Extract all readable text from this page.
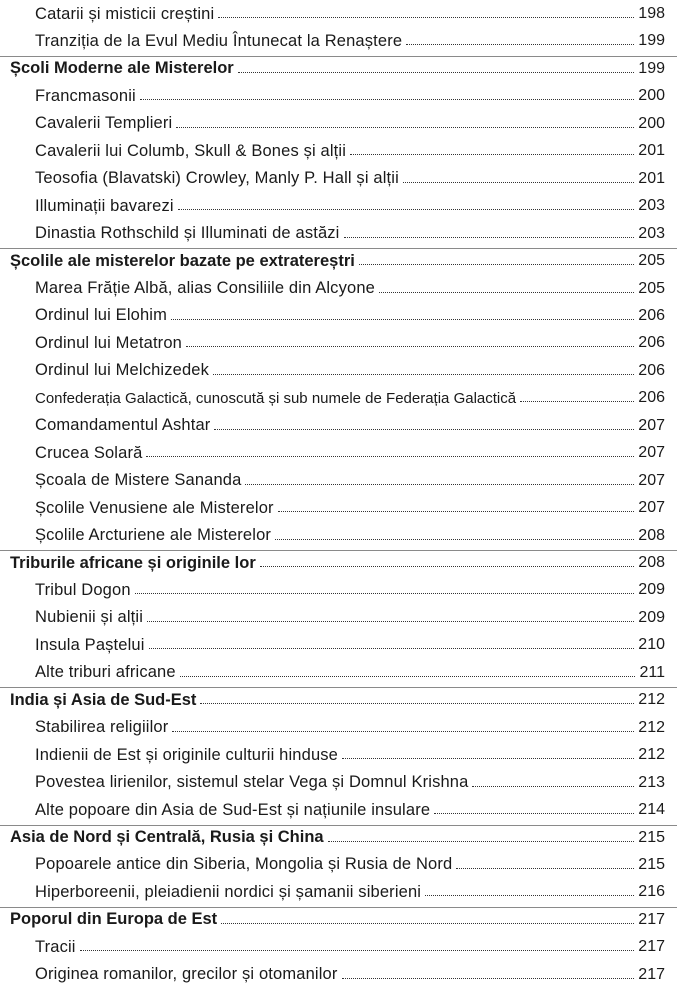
Catarii și misticii creștini	198
Tranziția de la Evul Mediu Întunecat la Renaștere	199
Școli Moderne ale Misterelor	199
Francmasonii	200
Cavalerii Templieri	200
Cavalerii lui Columb, Skull & Bones și alții	201
Teosofia (Blavatski) Crowley, Manly P. Hall și alții	201
Illuminații bavarezi	203
Dinastia Rothschild și Illuminati de astăzi	203
Școlile ale misterelor bazate pe extratereștri	205
Marea Frăție Albă, alias Consiliile din Alcyone	205
Ordinul lui Elohim	206
Ordinul lui Metatron	206
Ordinul lui Melchizedek	206
Confederația Galactică, cunoscută și sub numele de Federația Galactică	206
Comandamentul Ashtar	207
Crucea Solară	207
Școala de Mistere Sananda	207
Școlile Venusiene ale Misterelor	207
Școlile Arcturiene ale Misterelor	208
Triburile africane și originile lor	208
Tribul Dogon	209
Nubienii și alții	209
Insula Paștelui	210
Alte triburi africane	211
India și Asia de Sud-Est	212
Stabilirea religiilor	212
Indienii de Est și originile culturii hinduse	212
Povestea lirienilor, sistemul stelar Vega și Domnul Krishna	213
Alte popoare din Asia de Sud-Est și națiunile insulare	214
Asia de Nord și Centrală, Rusia și China	215
Popoarele antice din Siberia, Mongolia și Rusia de Nord	215
Hiperboreenii, pleiadienii nordici și șamanii siberieni	216
Poporul din Europa de Est	217
Tracii	217
Originea romanilor, grecilor și otomanilor	217
